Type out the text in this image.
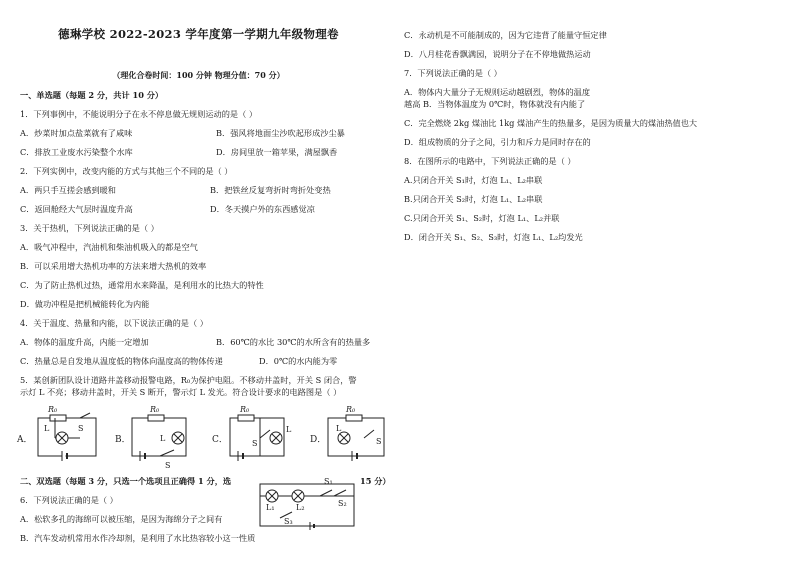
德琳学校 2022-2023 学年度第一学期九年级物理卷
（理化合卷时间：100 分钟 物理分值：70 分）
一、单选题（每题 2 分，共计 10 分）
1．下列事例中，不能说明分子在永不停息做无规则运动的是（ ）
A．炒菜时加点盐菜就有了咸味	B．强风将地面尘沙吹起形成沙尘暴
C．排放工业废水污染整个水库	D．房间里放一箱苹果，满屋飘香
2．下列实例中，改变内能的方式与其他三个不同的是（ ）
A．两只手互搓会感到暖和	B．把铁丝反复弯折时弯折处变热
C．返回舱经大气层时温度升高	D．冬天摸户外的东西感觉凉
3．关于热机，下列说法正确的是（ ）
A．吸气冲程中，汽油机和柴油机吸入的都是空气
B．可以采用增大热机功率的方法来增大热机的效率
C．为了防止热机过热，通常用水来降温，是利用水的比热大的特性
D．做功冲程是把机械能转化为内能
4．关于温度、热量和内能，以下说法正确的是（ ）
A．物体的温度升高，内能一定增加	B．60℃的水比 30℃的水所含有的热量多
C．热量总是自发地从温度低的物体向温度高的物体传递	D．0℃的水内能为零
5．某创新团队设计道路井盖移动报警电路，R₀为保护电阻。不移动井盖时，开关 S 闭合，警
示灯 L 不亮；移动井盖时，开关 S 断开，警示灯 L 发光。符合设计要求的电路图是（ ）
A．
R₀
L	S
B．
R₀
L
S
C．
R₀
S
L
D．
R₀
L
S
二、双选题（每题 3 分，只选一个选项且正确得 1 分，选	15 分）
6．下列说法正确的是（ ）
A．松软多孔的海绵可以被压缩，是因为海绵分子之间有
B．汽车发动机常用水作冷却剂，是利用了水比热容较小这一性质
L₁	L₂
S₁
S₂
S₃
C．永动机是不可能制成的，因为它违背了能量守恒定律
D．八月桂花香飘满园，说明分子在不停地做热运动
7．下列说法正确的是（ ）
A．物体内大量分子无规则运动越剧烈，物体的温度
越高 B．当物体温度为 0℃时，物体就没有内能了
C．完全燃烧 2kg 煤油比 1kg 煤油产生的热量多，是因为质量大的煤油热值也大
D．组成物质的分子之间，引力和斥力是同时存在的
8．在图所示的电路中，下列说法正确的是（ ）
A.只闭合开关 S₁时，灯泡 L₁、L₂串联
B.只闭合开关 S₂时，灯泡 L₁、L₂串联
C.只闭合开关 S₁、S₂时，灯泡 L₁、L₂并联
D．闭合开关 S₁、S₂、S₃时，灯泡 L₁、L₂均发光
